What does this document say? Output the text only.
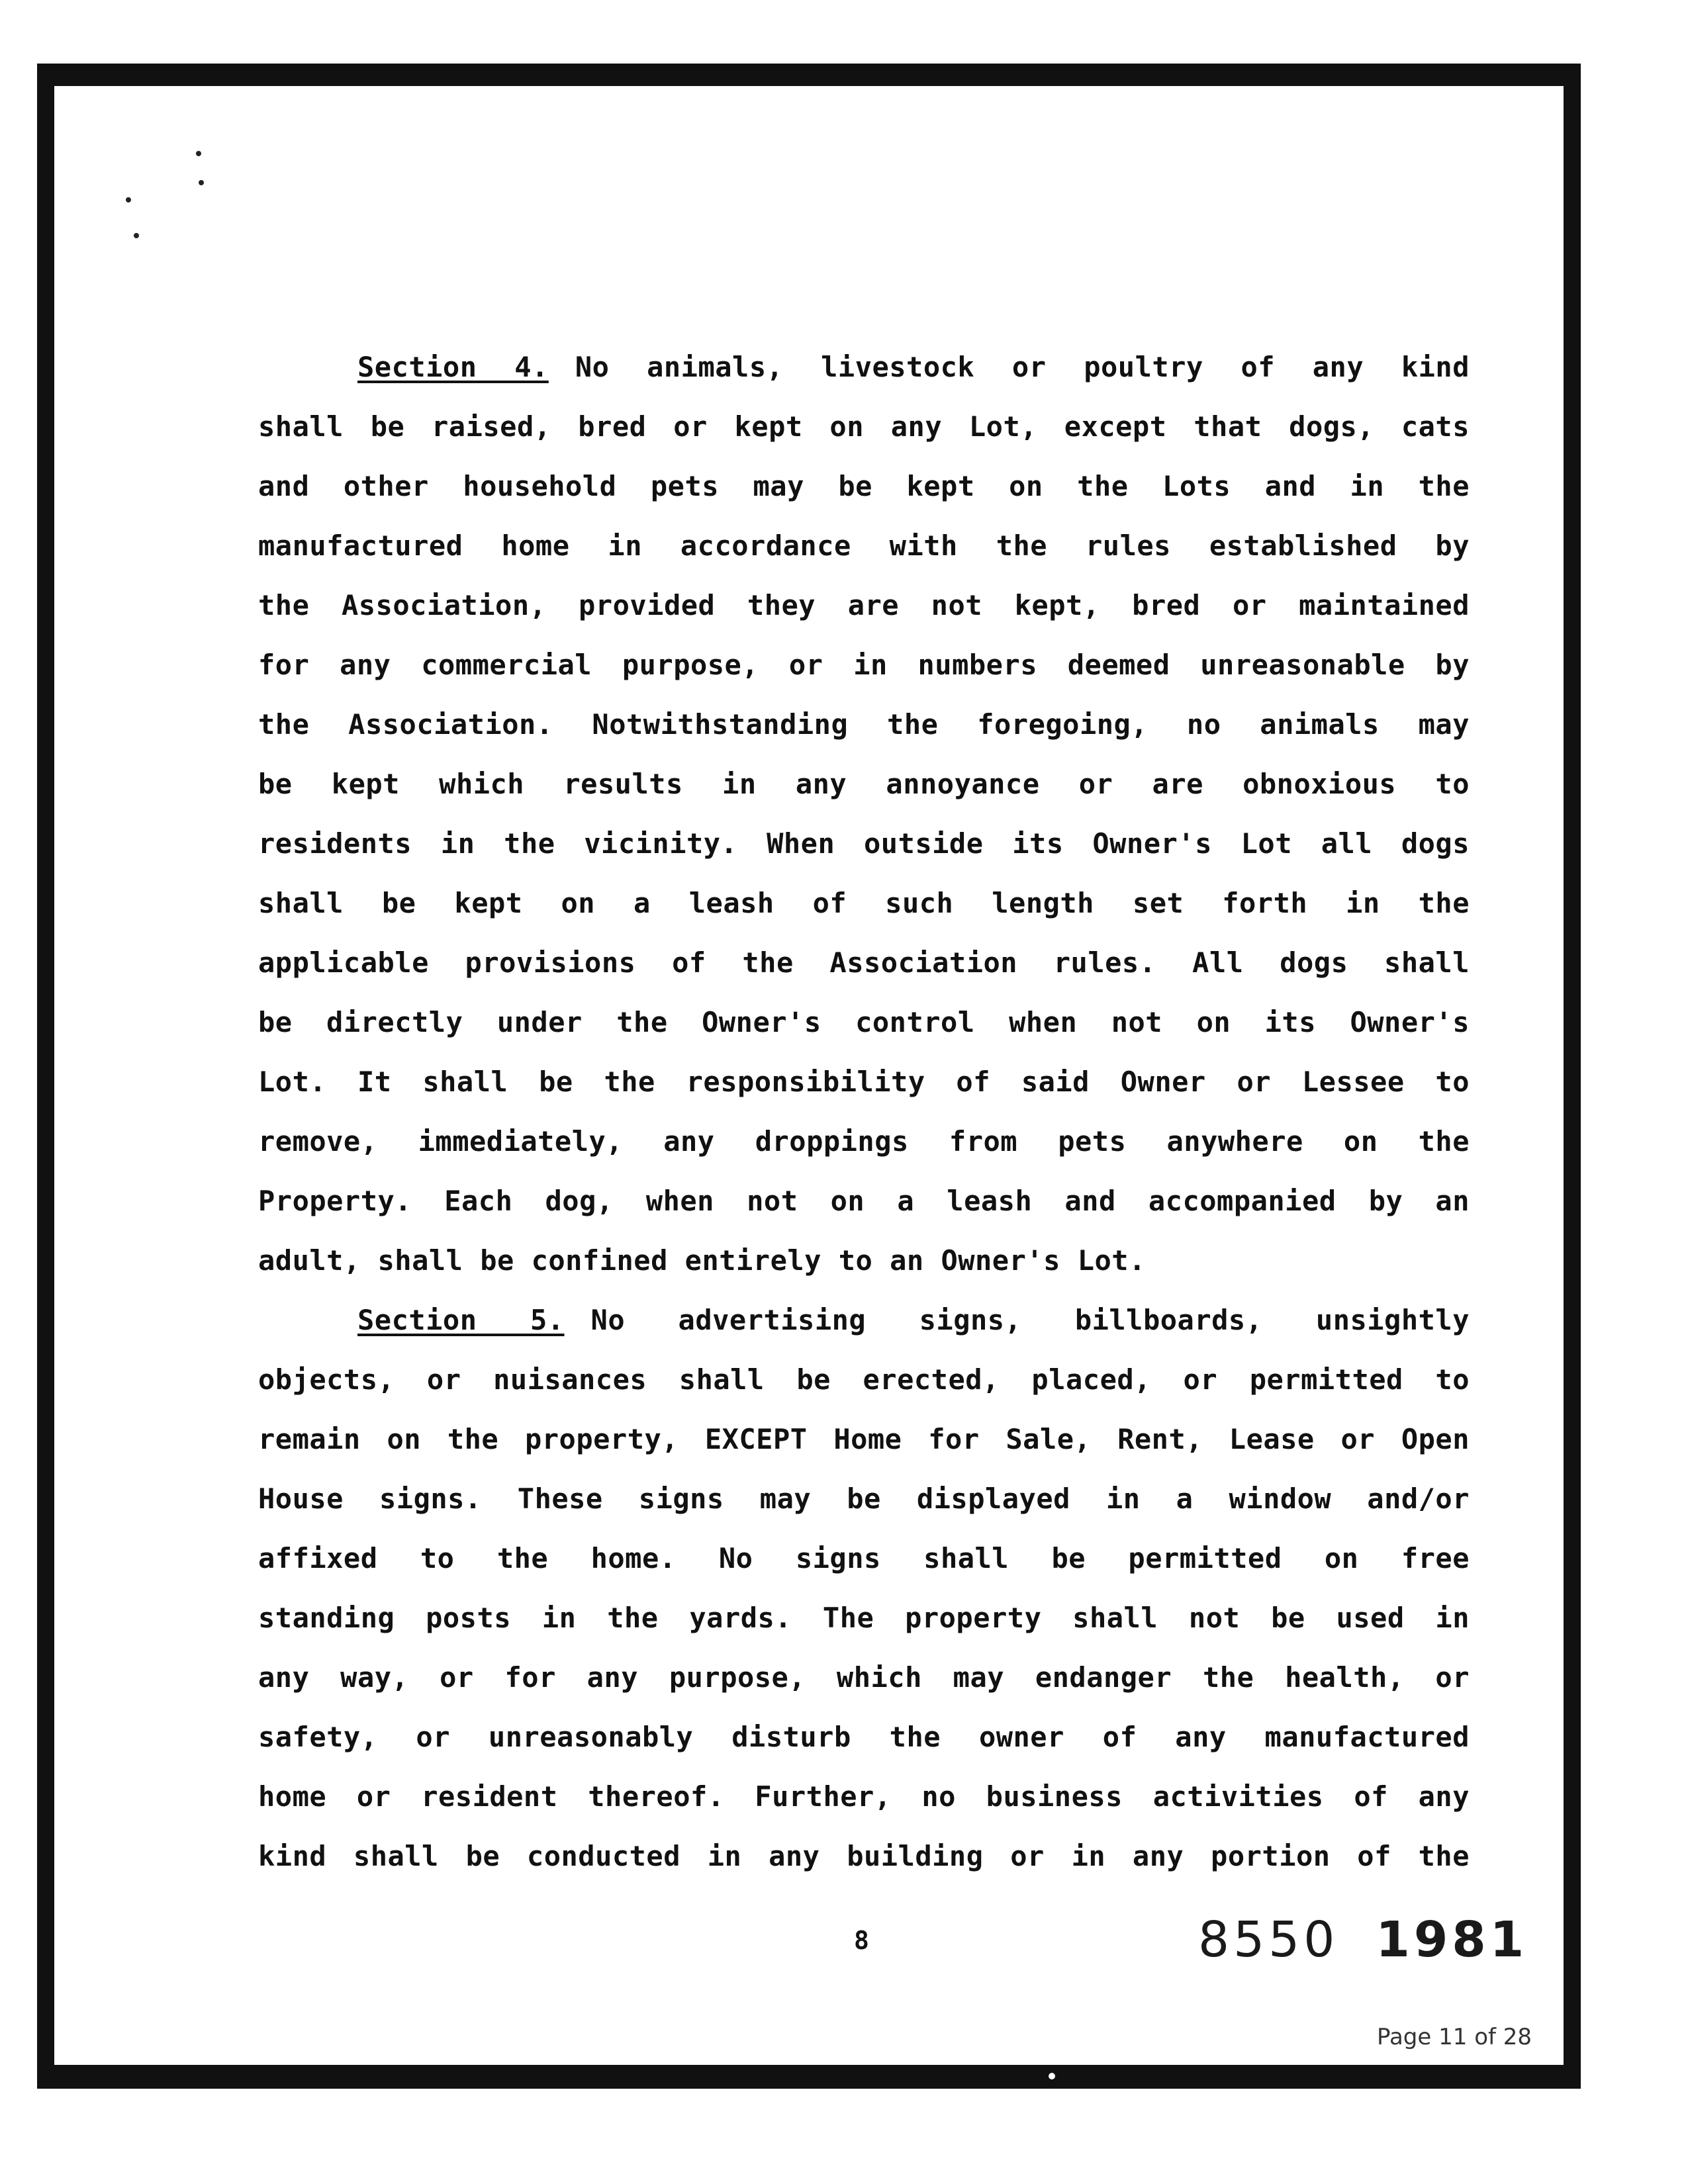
Section 4. No animals, livestock or poultry of any kind
shall be raised, bred or kept on any Lot, except that dogs, cats
and other household pets may be kept on the Lots and in the
manufactured home in accordance with the rules established by
the Association, provided they are not kept, bred or maintained
for any commercial purpose, or in numbers deemed unreasonable by
the Association. Notwithstanding the foregoing, no animals may
be kept which results in any annoyance or are obnoxious to
residents in the vicinity. When outside its Owner's Lot all dogs
shall be kept on a leash of such length set forth in the
applicable provisions of the Association rules. All dogs shall
be directly under the Owner's control when not on its Owner's
Lot. It shall be the responsibility of said Owner or Lessee to
remove, immediately, any droppings from pets anywhere on the
Property. Each dog, when not on a leash and accompanied by an
adult, shall be confined entirely to an Owner's Lot.
Section 5. No advertising signs, billboards, unsightly
objects, or nuisances shall be erected, placed, or permitted to
remain on the property, EXCEPT Home for Sale, Rent, Lease or Open
House signs. These signs may be displayed in a window and/or
affixed to the home. No signs shall be permitted on free
standing posts in the yards. The property shall not be used in
any way, or for any purpose, which may endanger the health, or
safety, or unreasonably disturb the owner of any manufactured
home or resident thereof. Further, no business activities of any
kind shall be conducted in any building or in any portion of the
8	8550 1981
Page 11 of 28
